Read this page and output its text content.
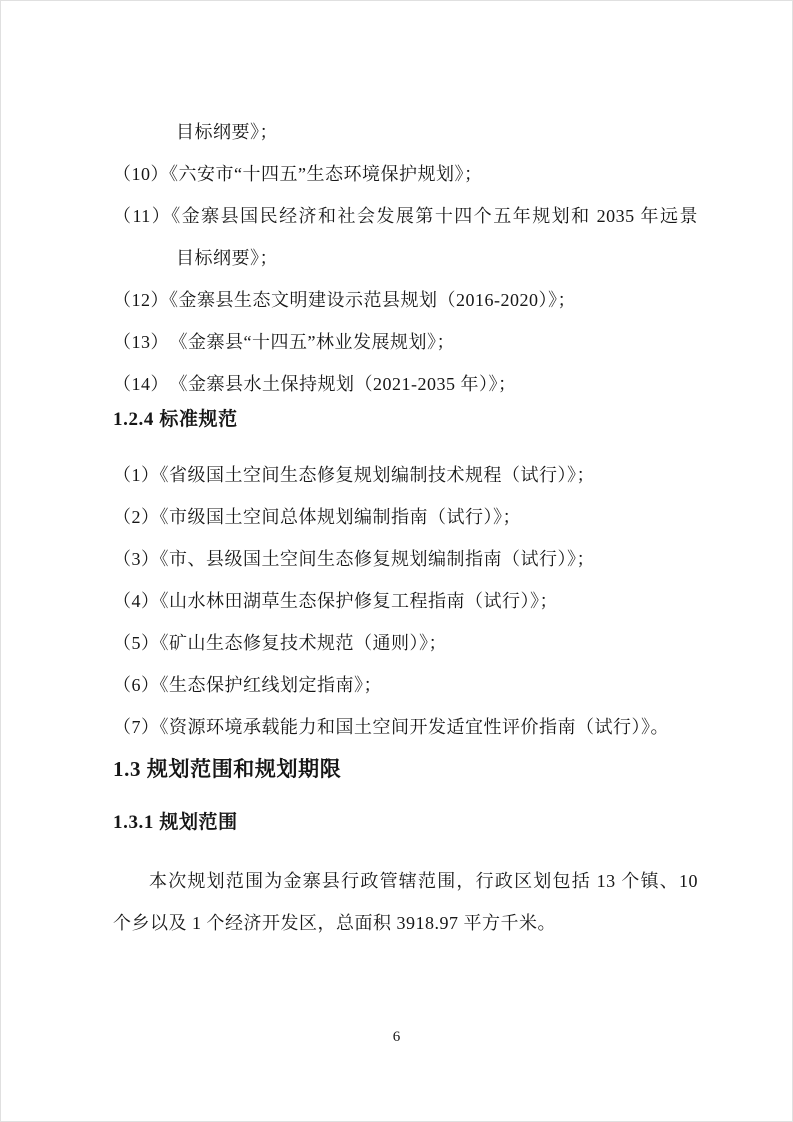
目标纲要》；
（10）《六安市“十四五”生态环境保护规划》；
（11）《金寨县国民经济和社会发展第十四个五年规划和 2035 年远景
目标纲要》；
（12）《金寨县生态文明建设示范县规划（2016-2020）》；
（13）　《金寨县“十四五”林业发展规划》；
（14）　《金寨县水土保持规划（2021-2035 年）》；
1.2.4 标准规范
（1）《省级国土空间生态修复规划编制技术规程（试行）》；
（2）《市级国土空间总体规划编制指南（试行）》；
（3）《市、县级国土空间生态修复规划编制指南（试行）》；
（4）《山水林田湖草生态保护修复工程指南（试行）》；
（5）《矿山生态修复技术规范（通则）》；
（6）《生态保护红线划定指南》；
（7）《资源环境承载能力和国土空间开发适宜性评价指南（试行）》。
1.3 规划范围和规划期限
1.3.1 规划范围
本次规划范围为金寨县行政管辖范围，行政区划包括 13 个镇、10
个乡以及 1 个经济开发区，总面积 3918.97 平方千米。
6
